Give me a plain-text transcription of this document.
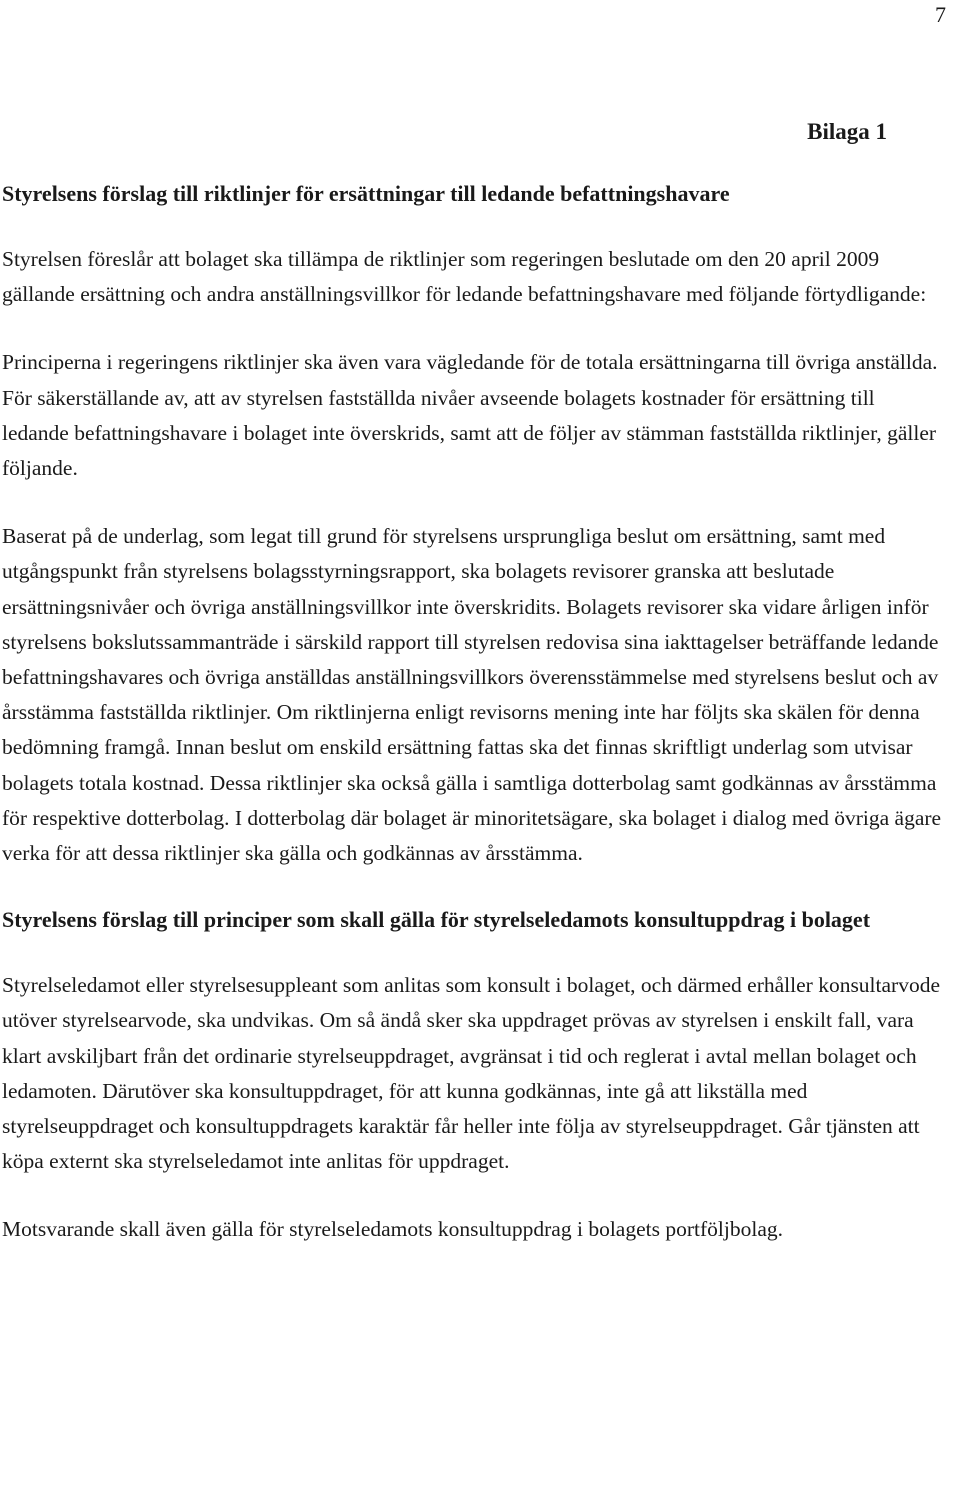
7
Bilaga 1

Styrelsens förslag till riktlinjer för ersättningar till ledande befattningshavare

Styrelsen föreslår att bolaget ska tillämpa de riktlinjer som regeringen beslutade om den 20 april 2009 gällande ersättning och andra anställningsvillkor för ledande befattningshavare med följande förtydligande:

Principerna i regeringens riktlinjer ska även vara vägledande för de totala ersättningarna till övriga anställda. För säkerställande av, att av styrelsen fastställda nivåer avseende bolagets kostnader för ersättning till ledande befattningshavare i bolaget inte överskrids, samt att de följer av stämman fastställda riktlinjer, gäller följande.

Baserat på de underlag, som legat till grund för styrelsens ursprungliga beslut om ersättning, samt med utgångspunkt från styrelsens bolagsstyrningsrapport, ska bolagets revisorer granska att beslutade ersättningsnivåer och övriga anställningsvillkor inte överskridits. Bolagets revisorer ska vidare årligen inför styrelsens bokslutssammanträde i särskild rapport till styrelsen redovisa sina iakttagelser beträffande ledande befattningshavares och övriga anställdas anställningsvillkors överensstämmelse med styrelsens beslut och av årsstämma fastställda riktlinjer. Om riktlinjerna enligt revisorns mening inte har följts ska skälen för denna bedömning framgå. Innan beslut om enskild ersättning fattas ska det finnas skriftligt underlag som utvisar bolagets totala kostnad. Dessa riktlinjer ska också gälla i samtliga dotterbolag samt godkännas av årsstämma för respektive dotterbolag. I dotterbolag där bolaget är minoritetsägare, ska bolaget i dialog med övriga ägare verka för att dessa riktlinjer ska gälla och godkännas av årsstämma.

Styrelsens förslag till principer som skall gälla för styrelseledamots konsultuppdrag i bolaget

Styrelseledamot eller styrelsesuppleant som anlitas som konsult i bolaget, och därmed erhåller konsultarvode utöver styrelsearvode, ska undvikas. Om så ändå sker ska uppdraget prövas av styrelsen i enskilt fall, vara klart avskiljbart från det ordinarie styrelseuppdraget, avgränsat i tid och reglerat i avtal mellan bolaget och ledamoten. Därutöver ska konsultuppdraget, för att kunna godkännas, inte gå att likställa med styrelseuppdraget och konsultuppdragets karaktär får heller inte följa av styrelseuppdraget. Går tjänsten att köpa externt ska styrelseledamot inte anlitas för uppdraget.

Motsvarande skall även gälla för styrelseledamots konsultuppdrag i bolagets portföljbolag.
